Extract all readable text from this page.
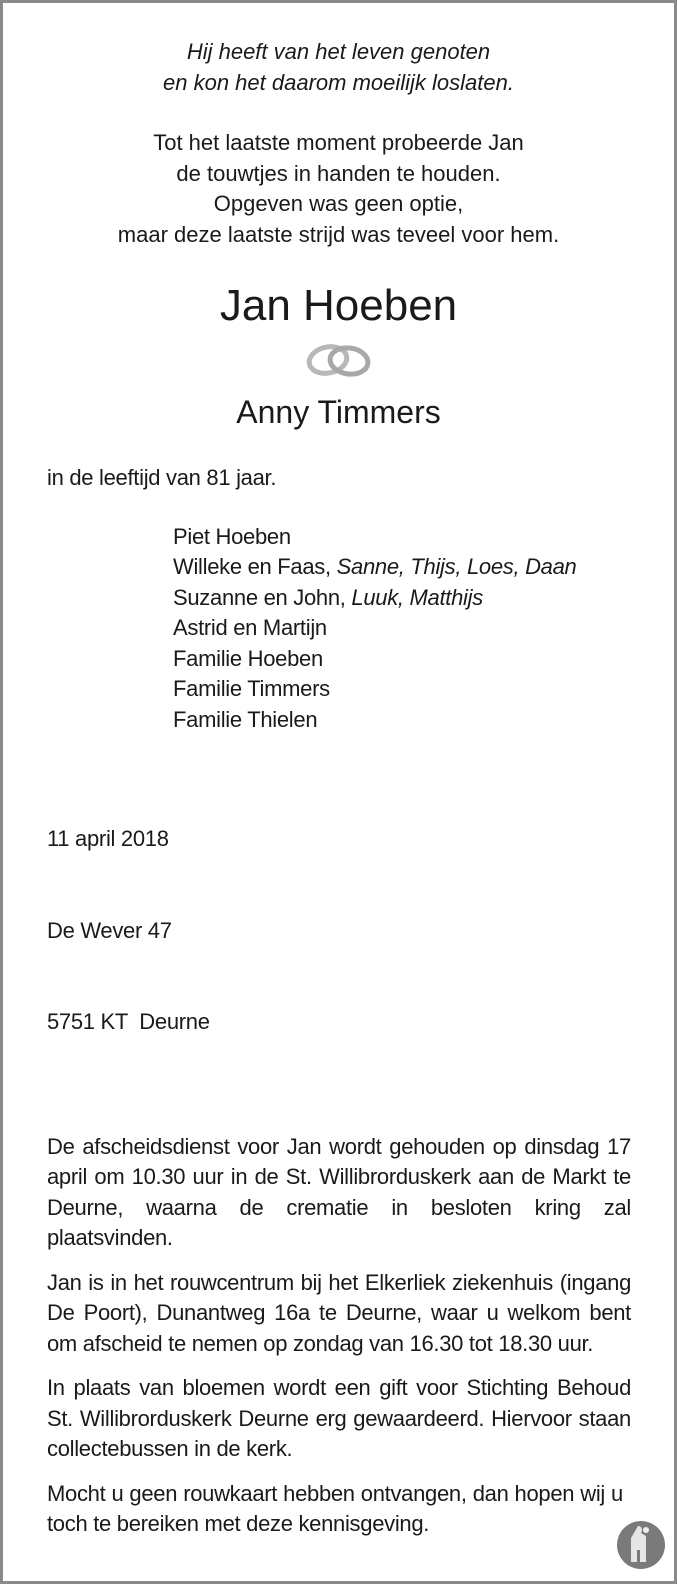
Hij heeft van het leven genoten
en kon het daarom moeilijk loslaten.
Tot het laatste moment probeerde Jan
de touwtjes in handen te houden.
Opgeven was geen optie,
maar deze laatste strijd was teveel voor hem.
Jan Hoeben
Anny Timmers
in de leeftijd van 81 jaar.
Piet Hoeben
Willeke en Faas, Sanne, Thijs, Loes, Daan
Suzanne en John, Luuk, Matthijs
Astrid en Martijn
Familie Hoeben
Familie Timmers
Familie Thielen

11 april 2018

De Wever 47

5751 KT  Deurne

De afscheidsdienst voor Jan wordt gehouden op dinsdag 17 april om 10.30 uur in de St. Willibrorduskerk aan de Markt te Deurne, waarna de crematie in besloten kring zal plaatsvinden.

Jan is in het rouwcentrum bij het Elkerliek ziekenhuis (ingang De Poort), Dunantweg 16a te Deurne, waar u welkom bent om afscheid te nemen op zondag van 16.30 tot 18.30 uur.

In plaats van bloemen wordt een gift voor Stichting Behoud St. Willibrorduskerk Deurne erg gewaardeerd. Hiervoor staan collectebussen in de kerk.

Mocht u geen rouwkaart hebben ontvangen, dan hopen wij u toch te bereiken met deze kennisgeving.
